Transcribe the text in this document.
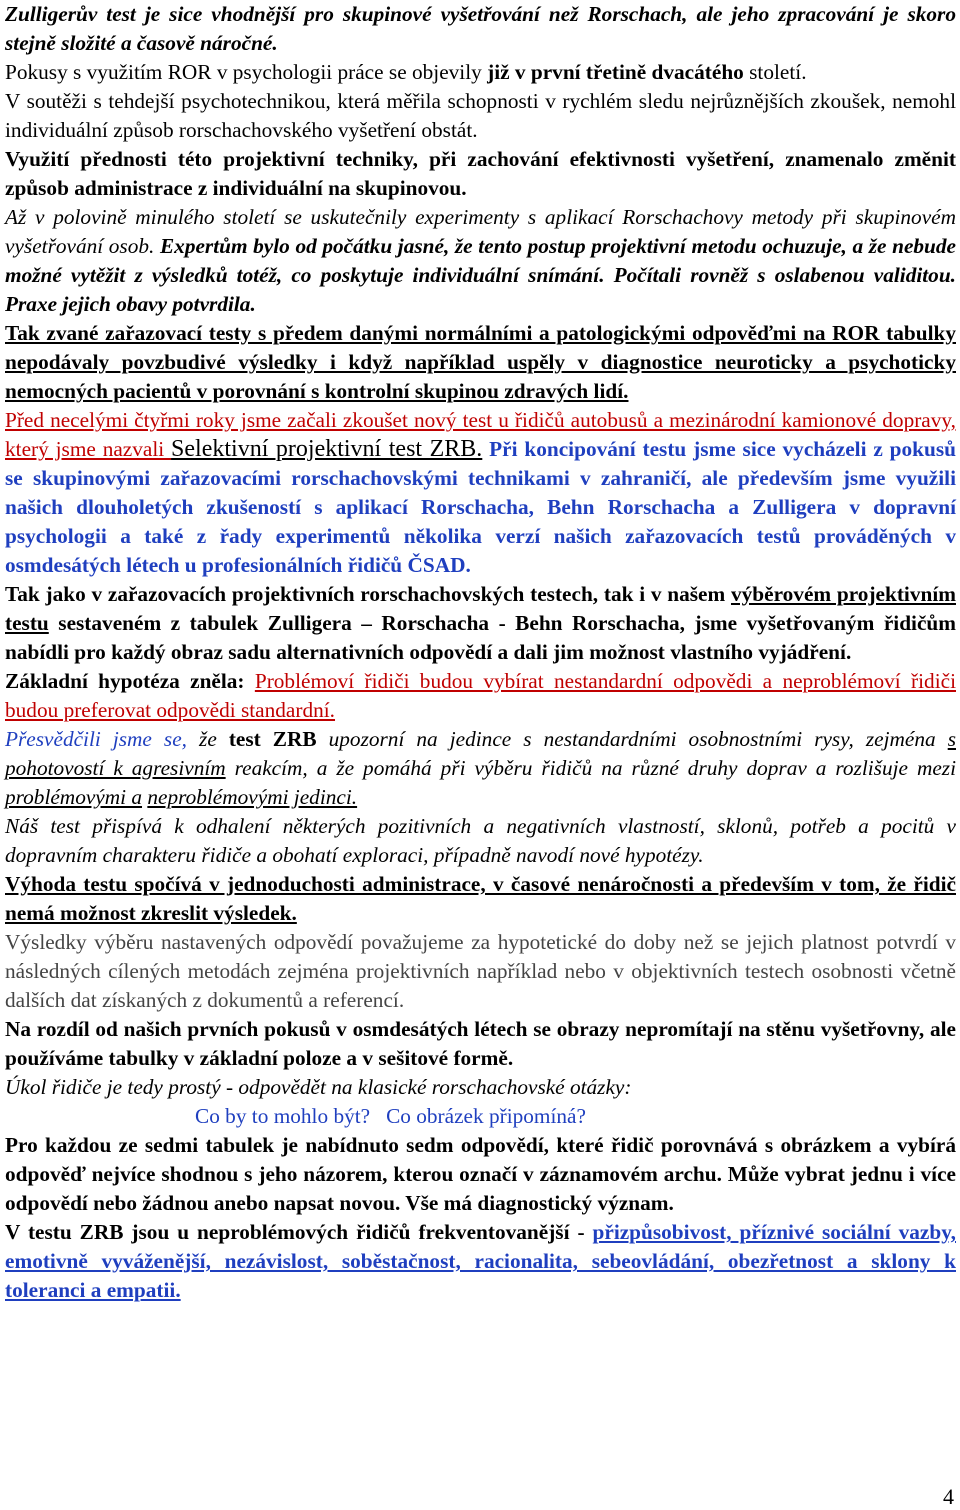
Zulligerův test je sice vhodnější pro skupinové vyšetřování než Rorschach, ale jeho zpracování je skoro stejně složité a časově náročné.

Pokusy s využitím ROR v psychologii práce se objevily již v první třetině dvacátého století.

V soutěži s tehdejší psychotechnikou, která měřila schopnosti v rychlém sledu nejrůznějších zkoušek, nemohl individuální způsob rorschachovského vyšetření obstát.

Využití přednosti této projektivní techniky, při zachování efektivnosti vyšetření, znamenalo změnit způsob administrace z individuální na skupinovou.

Až v polovině minulého století se uskutečnily experimenty s aplikací Rorschachovy metody při skupinovém vyšetřování osob. Expertům bylo od počátku jasné, že tento postup projektivní metodu ochuzuje, a že nebude možné vytěžit z výsledků totéž, co poskytuje individuální snímání. Počítali rovněž s oslabenou validitou. Praxe jejich obavy potvrdila.

Tak zvané zařazovací testy s předem danými normálními a patologickými odpověďmi na ROR tabulky nepodávaly povzbudivé výsledky i když například uspěly v diagnostice neuroticky a psychoticky nemocných pacientů v porovnání s kontrolní skupinou zdravých lidí.

Před necelými čtyřmi roky jsme začali zkoušet nový test u řidičů autobusů a mezinárodní kamionové dopravy, který jsme nazvali Selektivní projektivní test ZRB. Při koncipování testu jsme sice vycházeli z pokusů se skupinovými zařazovacími rorschachovskými technikami v zahraničí, ale především jsme využili našich dlouholetých zkušeností s aplikací Rorschacha, Behn Rorschacha a Zulligera v dopravní psychologii a také z řady experimentů několika verzí našich zařazovacích testů prováděných v osmdesátých létech u profesionálních řidičů ČSAD.

Tak jako v zařazovacích projektivních rorschachovských testech, tak i v našem výběrovém projektivním testu sestaveném z tabulek Zulligera – Rorschacha - Behn Rorschacha, jsme vyšetřovaným řidičům nabídli pro každý obraz sadu alternativních odpovědí a dali jim možnost vlastního vyjádření.

Základní hypotéza zněla: Problémoví řidiči budou vybírat nestandardní odpovědi a neproblémoví řidiči budou preferovat odpovědi standardní.

Přesvědčili jsme se, že test ZRB upozorní na jedince s nestandardními osobnostními rysy, zejména s pohotovostí k agresivním reakcím, a že pomáhá při výběru řidičů na různé druhy doprav a rozlišuje mezi problémovými a neproblémovými jedinci.

Náš test přispívá k odhalení některých pozitivních a negativních vlastností, sklonů, potřeb a pocitů v dopravním charakteru řidiče a obohatí exploraci, případně navodí nové hypotézy.

Výhoda testu spočívá v jednoduchosti administrace, v časové nenáročnosti a především v tom, že řidič nemá možnost zkreslit výsledek.

Výsledky výběru nastavených odpovědí považujeme za hypotetické do doby než se jejich platnost potvrdí v následných cílených metodách zejména projektivních například nebo v objektivních testech osobnosti včetně dalších dat získaných z dokumentů a referencí.

Na rozdíl od našich prvních pokusů v osmdesátých létech se obrazy nepromítají na stěnu vyšetřovny, ale používáme tabulky v základní poloze a v sešitové formě.

Úkol řidiče je tedy prostý - odpovědět na klasické rorschachovské otázky:

Co by to mohlo být?   Co obrázek připomíná?

Pro každou ze sedmi tabulek je nabídnuto sedm odpovědí, které řidič porovnává s obrázkem a vybírá odpověď nejvíce shodnou s jeho názorem, kterou označí v záznamovém archu. Může vybrat jednu i více odpovědí nebo žádnou anebo napsat novou. Vše má diagnostický význam.

V testu ZRB jsou u neproblémových řidičů frekventovanější - přizpůsobivost, příznivé sociální vazby, emotivně vyváženější, nezávislost, soběstačnost, racionalita, sebeovládání, obezřetnost a sklony k toleranci a empatii.

4
